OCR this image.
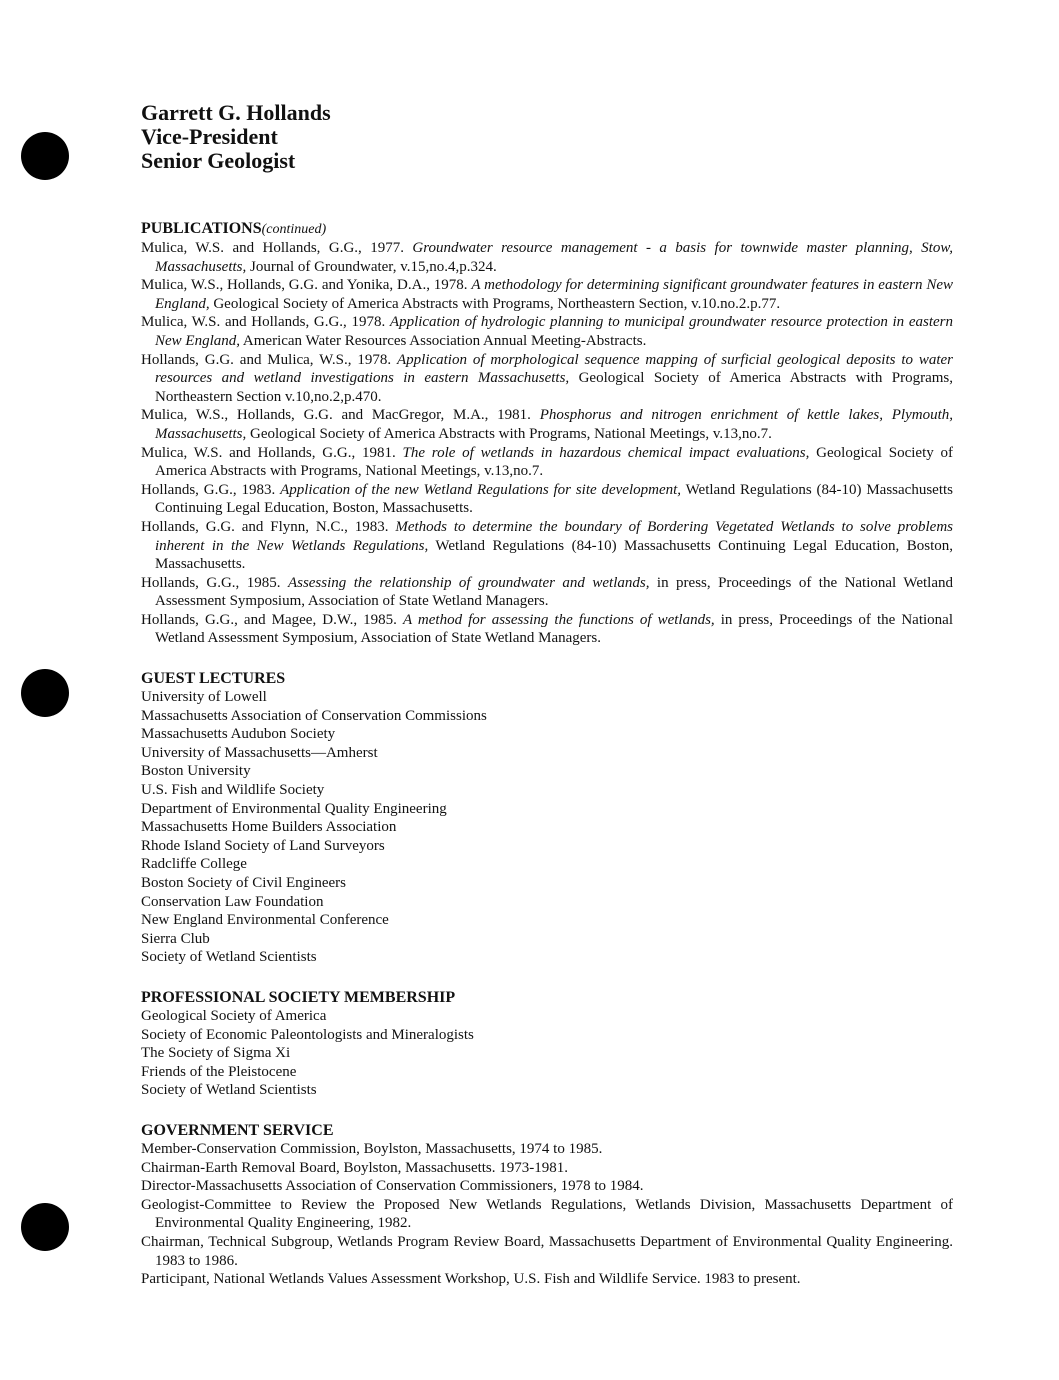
Garrett G. Hollands
Vice-President
Senior Geologist
PUBLICATIONS(continued)
Mulica, W.S. and Hollands, G.G., 1977. Groundwater resource management - a basis for townwide master planning, Stow, Massachusetts, Journal of Groundwater, v.15,no.4,p.324.
Mulica, W.S., Hollands, G.G. and Yonika, D.A., 1978. A methodology for determining significant groundwater features in eastern New England, Geological Society of America Abstracts with Programs, Northeastern Section, v.10.no.2.p.77.
Mulica, W.S. and Hollands, G.G., 1978. Application of hydrologic planning to municipal groundwater resource protection in eastern New England, American Water Resources Association Annual Meeting-Abstracts.
Hollands, G.G. and Mulica, W.S., 1978. Application of morphological sequence mapping of surficial geological deposits to water resources and wetland investigations in eastern Massachusetts, Geological Society of America Abstracts with Programs, Northeastern Section v.10,no.2,p.470.
Mulica, W.S., Hollands, G.G. and MacGregor, M.A., 1981. Phosphorus and nitrogen enrichment of kettle lakes, Plymouth, Massachusetts, Geological Society of America Abstracts with Programs, National Meetings, v.13,no.7.
Mulica, W.S. and Hollands, G.G., 1981. The role of wetlands in hazardous chemical impact evaluations, Geological Society of America Abstracts with Programs, National Meetings, v.13,no.7.
Hollands, G.G., 1983. Application of the new Wetland Regulations for site development, Wetland Regulations (84-10) Massachusetts Continuing Legal Education, Boston, Massachusetts.
Hollands, G.G. and Flynn, N.C., 1983. Methods to determine the boundary of Bordering Vegetated Wetlands to solve problems inherent in the New Wetlands Regulations, Wetland Regulations (84-10) Massachusetts Continuing Legal Education, Boston, Massachusetts.
Hollands, G.G., 1985. Assessing the relationship of groundwater and wetlands, in press, Proceedings of the National Wetland Assessment Symposium, Association of State Wetland Managers.
Hollands, G.G., and Magee, D.W., 1985. A method for assessing the functions of wetlands, in press, Proceedings of the National Wetland Assessment Symposium, Association of State Wetland Managers.
GUEST LECTURES
University of Lowell
Massachusetts Association of Conservation Commissions
Massachusetts Audubon Society
University of Massachusetts—Amherst
Boston University
U.S. Fish and Wildlife Society
Department of Environmental Quality Engineering
Massachusetts Home Builders Association
Rhode Island Society of Land Surveyors
Radcliffe College
Boston Society of Civil Engineers
Conservation Law Foundation
New England Environmental Conference
Sierra Club
Society of Wetland Scientists
PROFESSIONAL SOCIETY MEMBERSHIP
Geological Society of America
Society of Economic Paleontologists and Mineralogists
The Society of Sigma Xi
Friends of the Pleistocene
Society of Wetland Scientists
GOVERNMENT SERVICE
Member-Conservation Commission, Boylston, Massachusetts, 1974 to 1985.
Chairman-Earth Removal Board, Boylston, Massachusetts. 1973-1981.
Director-Massachusetts Association of Conservation Commissioners, 1978 to 1984.
Geologist-Committee to Review the Proposed New Wetlands Regulations, Wetlands Division, Massachusetts Department of Environmental Quality Engineering, 1982.
Chairman, Technical Subgroup, Wetlands Program Review Board, Massachusetts Department of Environmental Quality Engineering. 1983 to 1986.
Participant, National Wetlands Values Assessment Workshop, U.S. Fish and Wildlife Service. 1983 to present.
